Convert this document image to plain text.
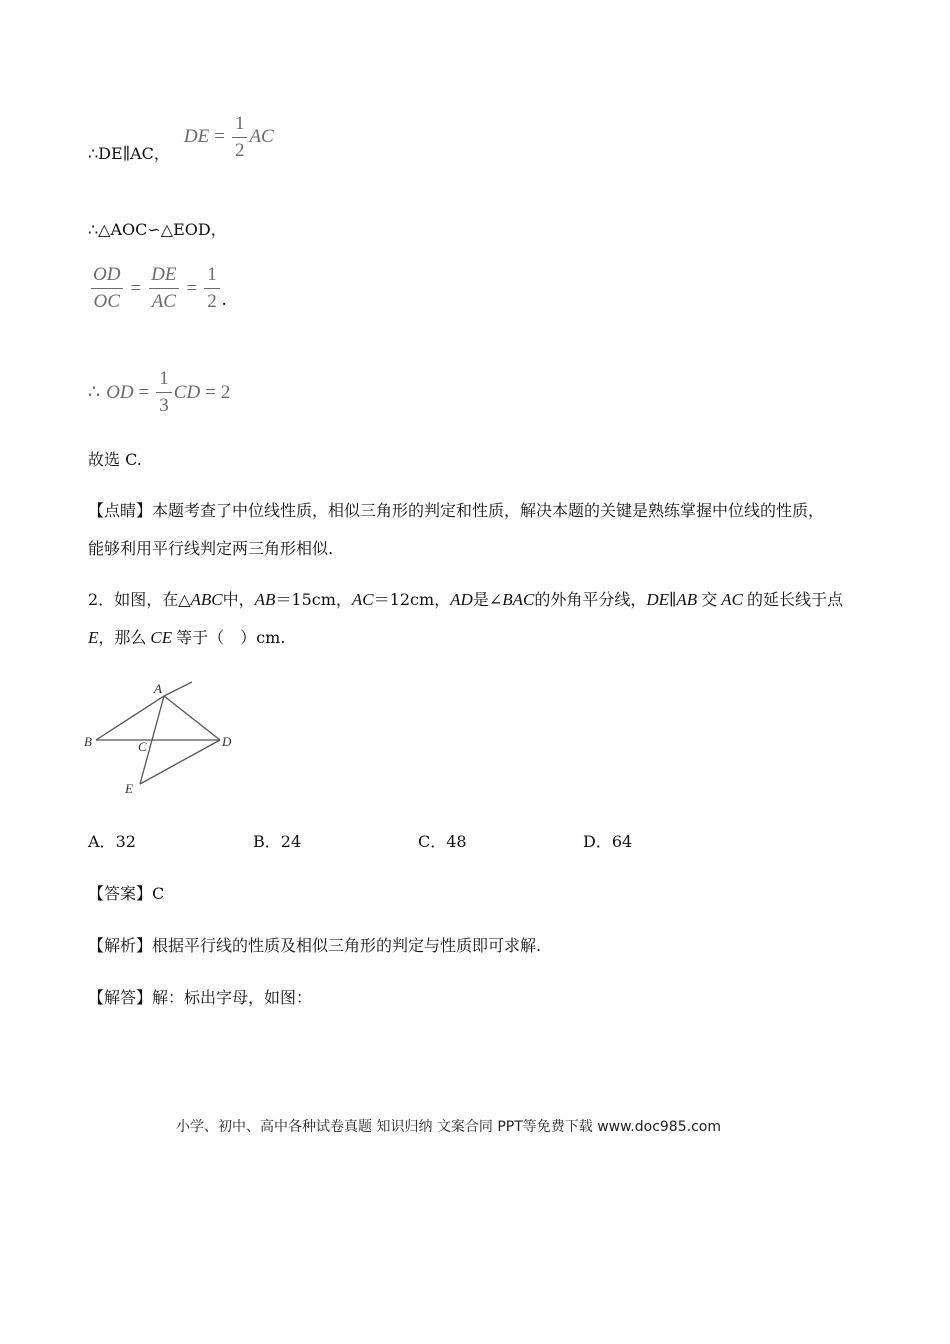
∴DE∥AC，
DE = $\frac{1}{2}$ AC
∴△AOC∽△EOD，
$\frac{OD}{OC} = \frac{DE}{AC} = \frac{1}{2}$ .
∴ OD = $\frac{1}{3}$ CD = 2
故选 C.
【点睛】本题考查了中位线性质，相似三角形的判定和性质，解决本题的关键是熟练掌握中位线的性质，
能够利用平行线判定两三角形相似.
2．如图，在△ABC中，AB＝15cm，AC＝12cm，AD是∠BAC的外角平分线，DE∥AB 交 AC 的延长线于点
E，那么 CE 等于（　）cm.
A
B	C	D
E
A．32	B．24	C．48	D．64
【答案】C
【解析】根据平行线的性质及相似三角形的判定与性质即可求解.
【解答】解：标出字母，如图：
小学、初中、高中各种试卷真题 知识归纳 文案合同 PPT等免费下载 www.doc985.com
